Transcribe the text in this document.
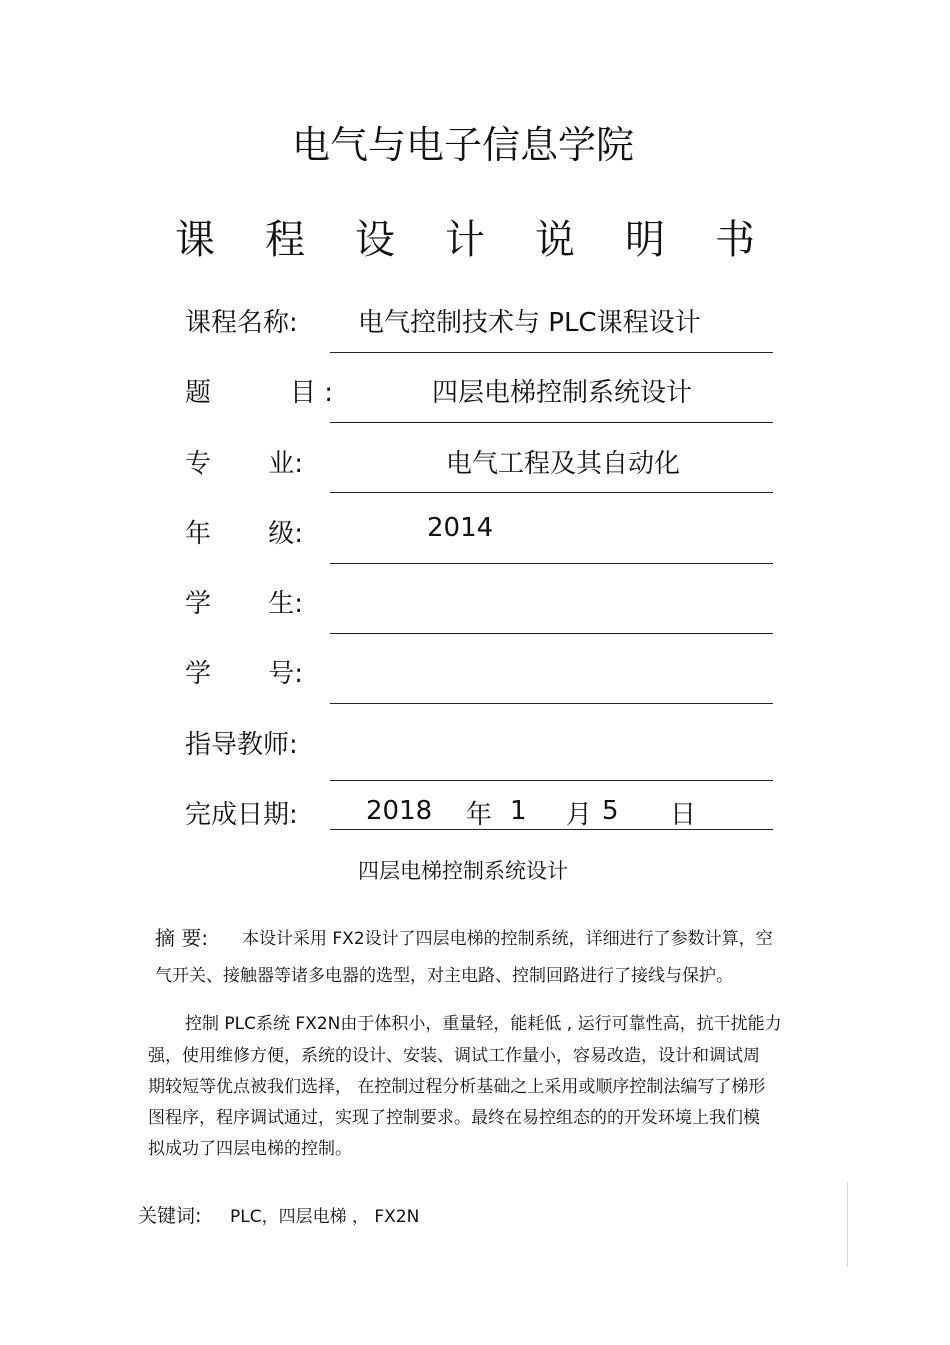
电气与电子信息学院
课 程 设 计 说 明 书
课程名称: 电气控制技术与 PLC课程设计
题	目 :	四层电梯控制系统设计
专 业:	电气工程及其自动化
年 级:	2014
学 生:
学 号:
指导教师:
完成日期:	2018 年 1 月 5 日
四层电梯控制系统设计
摘 要: 本设计采用 FX2设计了四层电梯的控制系统，详细进行了参数计算，空
气开关、接触器等诸多电器的选型，对主电路、控制回路进行了接线与保护。
控制 PLC系统 FX2N由于体积小，重量轻，能耗低 , 运行可靠性高，抗干扰能力
强，使用维修方便，系统的设计、安装、调试工作量小，容易改造，设计和调试周
期较短等优点被我们选择， 在控制过程分析基础之上采用或顺序控制法编写了梯形
图程序，程序调试通过，实现了控制要求。最终在易控组态的的开发环境上我们模
拟成功了四层电梯的控制。
关键词: PLC，四层电梯 ， FX2N
